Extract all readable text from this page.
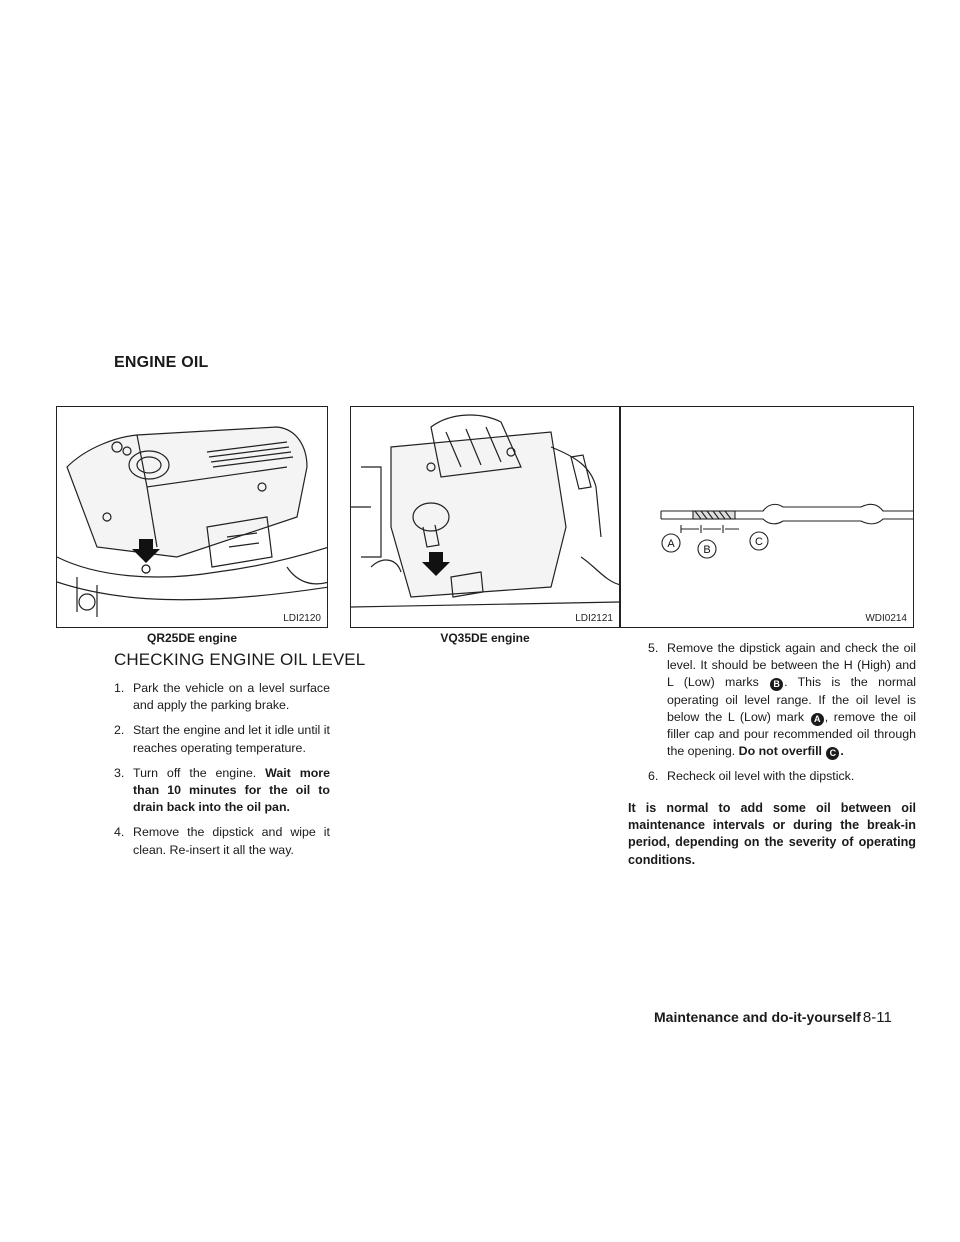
ENGINE OIL
LDI2120
QR25DE engine
LDI2121
VQ35DE engine
A	B
C
WDI0214
CHECKING ENGINE OIL LEVEL
1. Park the vehicle on a level surface and apply the parking brake.
2. Start the engine and let it idle until it reaches operating temperature.
3. Turn off the engine. Wait more than 10 minutes for the oil to drain back into the oil pan.
4. Remove the dipstick and wipe it clean. Re-insert it all the way.
5. Remove the dipstick again and check the oil level. It should be between the H (High) and L (Low) marks B . This is the normal operating oil level range. If the oil level is below the L (Low) mark A , remove the oil filler cap and pour recommended oil through the opening. Do not overfill C .
6. Recheck oil level with the dipstick.
It is normal to add some oil between oil maintenance intervals or during the break-in period, depending on the severity of operating conditions.
Maintenance and do-it-yourself 8-11
